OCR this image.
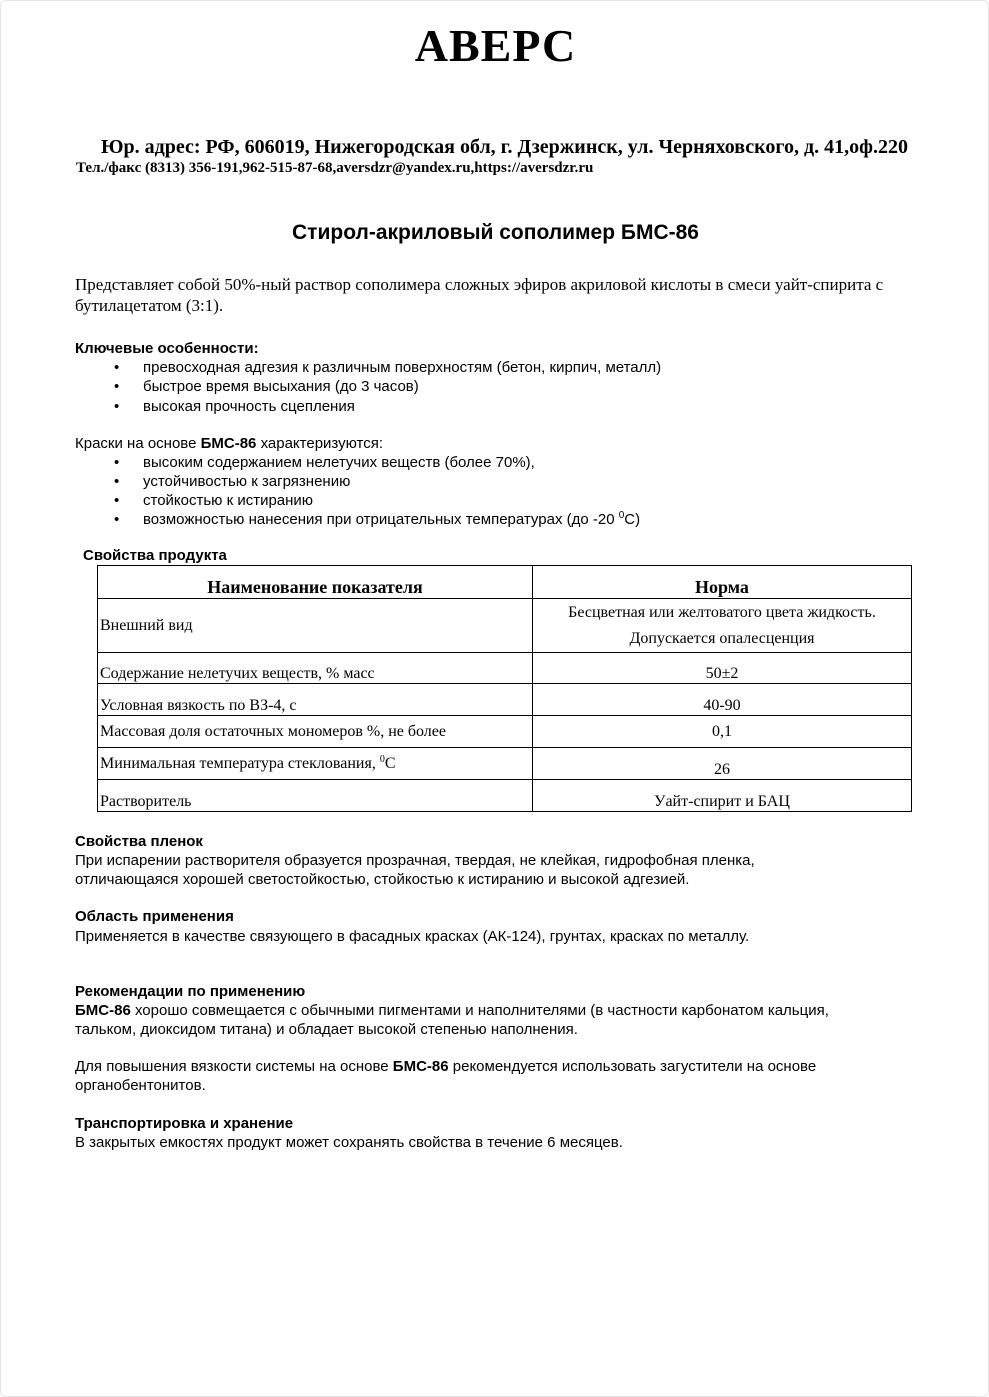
АВЕРС
Юр. адрес: РФ, 606019, Нижегородская обл, г. Дзержинск, ул. Черняховского, д. 41,оф.220
Тел./факс (8313) 356-191,962-515-87-68,aversdzr@yandex.ru,https://aversdzr.ru
Стирол-акриловый сополимер БМС-86
Представляет собой 50%-ный раствор сополимера сложных эфиров акриловой кислоты в смеси уайт-спирита с бутилацетатом (3:1).
Ключевые особенности:
• превосходная адгезия к различным поверхностям (бетон, кирпич, металл)
• быстрое время высыхания (до 3 часов)
• высокая прочность сцепления
Краски на основе БМС-86 характеризуются:
• высоким содержанием нелетучих веществ (более 70%),
• устойчивостью к загрязнению
• стойкостью к истиранию
• возможностью нанесения при отрицательных температурах (до -20 $^0$С)
Свойства продукта
Наименование показателя	Норма
Внешний вид	Бесцветная или желтоватого цвета жидкость.
Допускается опалесценция

Содержание нелетучих веществ, % масс	50±2
Условная вязкость по ВЗ-4, с	40-90
Массовая доля остаточных мономеров %, не более	0,1
Минимальная температура стеклования, $^0$С	26
Растворитель	Уайт-спирит и БАЦ
Свойства пленок
При испарении растворителя образуется прозрачная, твердая, не клейкая, гидрофобная пленка,
отличающаяся хорошей светостойкостью, стойкостью к истиранию и высокой адгезией.
Область применения
Применяется в качестве связующего в фасадных красках (АК-124), грунтах, красках по металлу.
Рекомендации по применению
БМС-86 хорошо совмещается с обычными пигментами и наполнителями (в частности карбонатом кальция,
тальком, диоксидом титана) и обладает высокой степенью наполнения.
Для повышения вязкости системы на основе БМС-86 рекомендуется использовать загустители на основе
органобентонитов.
Транспортировка и хранение
В закрытых емкостях продукт может сохранять свойства в течение 6 месяцев.
